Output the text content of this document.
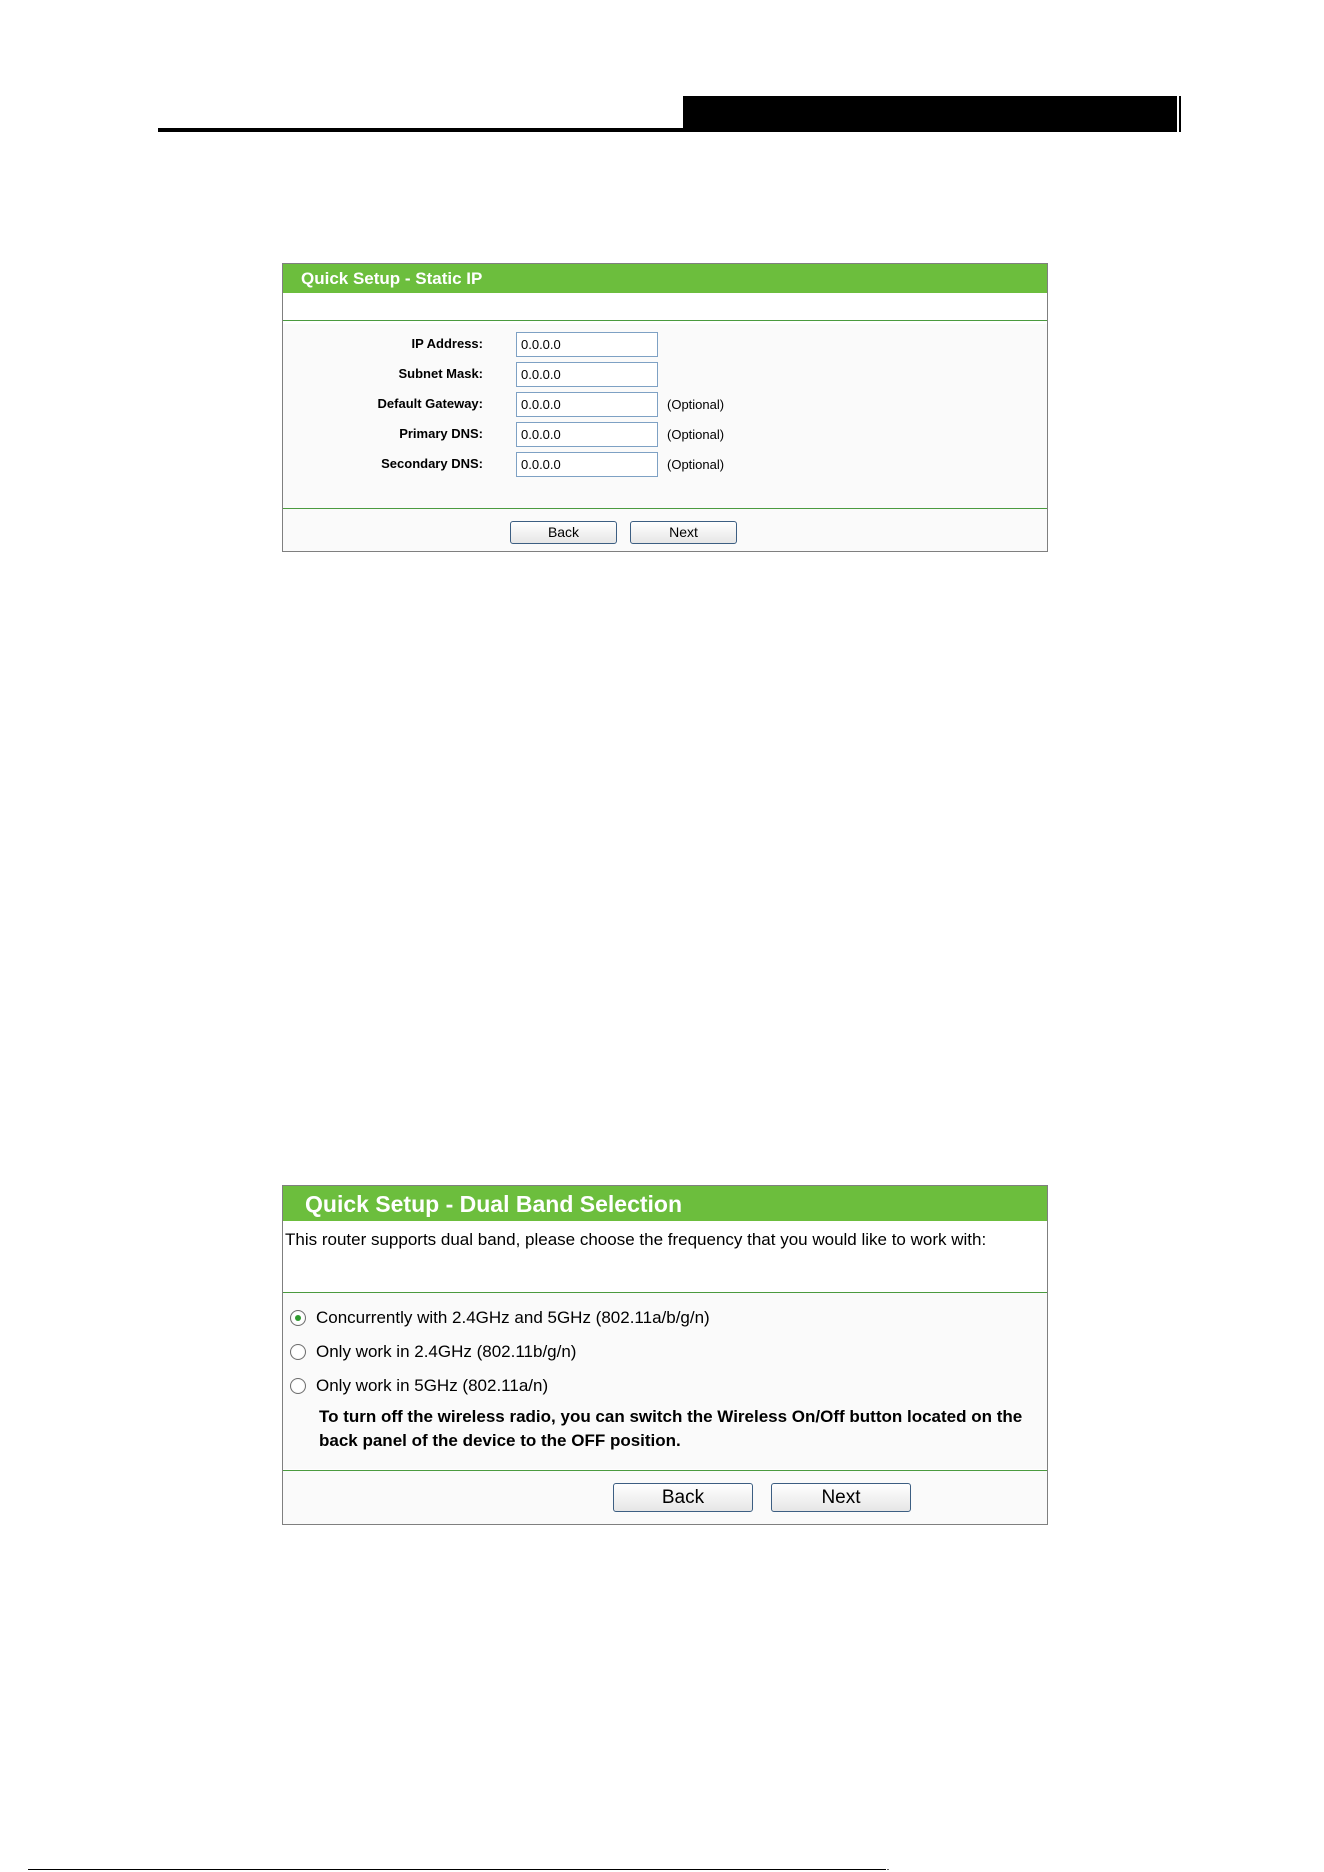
Quick Setup - Static IP
IP Address:
0.0.0.0
Subnet Mask:
0.0.0.0
Default Gateway:
0.0.0.0	(Optional)
Primary DNS:
0.0.0.0	(Optional)
Secondary DNS:
0.0.0.0	(Optional)
Back	Next
Quick Setup - Dual Band Selection
This router supports dual band, please choose the frequency that you would like to work with:
Concurrently with 2.4GHz and 5GHz (802.11a/b/g/n)
Only work in 2.4GHz (802.11b/g/n)
Only work in 5GHz (802.11a/n)
To turn off the wireless radio, you can switch the Wireless On/Off button located on the back panel of the device to the OFF position.
Back	Next
